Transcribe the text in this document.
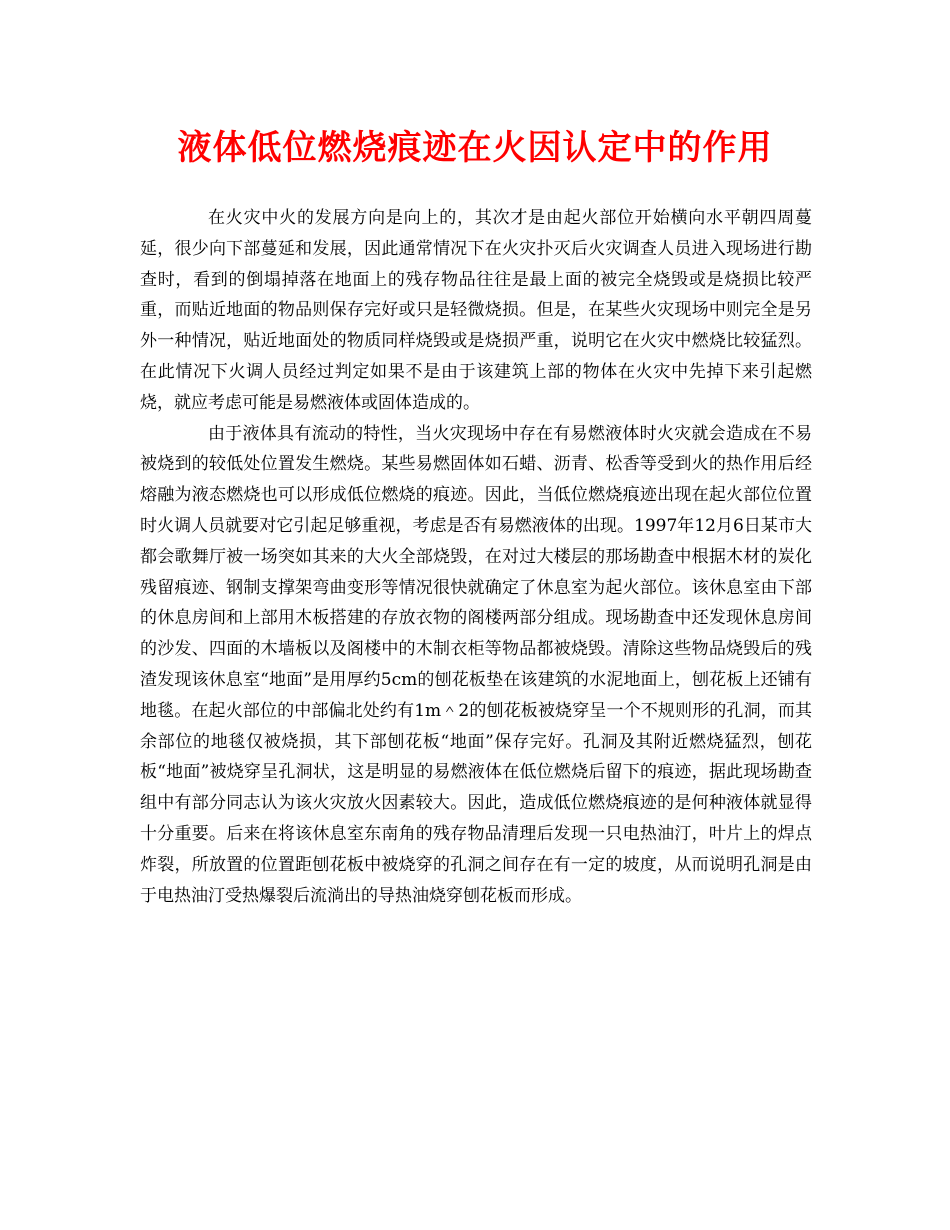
液体低位燃烧痕迹在火因认定中的作用

在火灾中火的发展方向是向上的，其次才是由起火部位开始横向水平朝四周蔓延，很少向下部蔓延和发展，因此通常情况下在火灾扑灭后火灾调查人员进入现场进行勘查时，看到的倒塌掉落在地面上的残存物品往往是最上面的被完全烧毁或是烧损比较严重，而贴近地面的物品则保存完好或只是轻微烧损。但是，在某些火灾现场中则完全是另外一种情况，贴近地面处的物质同样烧毁或是烧损严重，说明它在火灾中燃烧比较猛烈。在此情况下火调人员经过判定如果不是由于该建筑上部的物体在火灾中先掉下来引起燃烧，就应考虑可能是易燃液体或固体造成的。

由于液体具有流动的特性，当火灾现场中存在有易燃液体时火灾就会造成在不易被烧到的较低处位置发生燃烧。某些易燃固体如石蜡、沥青、松香等受到火的热作用后经熔融为液态燃烧也可以形成低位燃烧的痕迹。因此，当低位燃烧痕迹出现在起火部位位置时火调人员就要对它引起足够重视，考虑是否有易燃液体的出现。1997年12月6日某市大都会歌舞厅被一场突如其来的大火全部烧毁，在对过大楼层的那场勘查中根据木材的炭化残留痕迹、钢制支撑架弯曲变形等情况很快就确定了休息室为起火部位。该休息室由下部的休息房间和上部用木板搭建的存放衣物的阁楼两部分组成。现场勘查中还发现休息房间的沙发、四面的木墙板以及阁楼中的木制衣柜等物品都被烧毁。清除这些物品烧毁后的残渣发现该休息室“地面”是用厚约5cm的刨花板垫在该建筑的水泥地面上，刨花板上还铺有地毯。在起火部位的中部偏北处约有1m＾2的刨花板被烧穿呈一个不规则形的孔洞，而其余部位的地毯仅被烧损，其下部刨花板“地面”保存完好。孔洞及其附近燃烧猛烈，刨花板“地面”被烧穿呈孔洞状，这是明显的易燃液体在低位燃烧后留下的痕迹，据此现场勘查组中有部分同志认为该火灾放火因素较大。因此，造成低位燃烧痕迹的是何种液体就显得十分重要。后来在将该休息室东南角的残存物品清理后发现一只电热油汀，叶片上的焊点炸裂，所放置的位置距刨花板中被烧穿的孔洞之间存在有一定的坡度，从而说明孔洞是由于电热油汀受热爆裂后流淌出的导热油烧穿刨花板而形成。
